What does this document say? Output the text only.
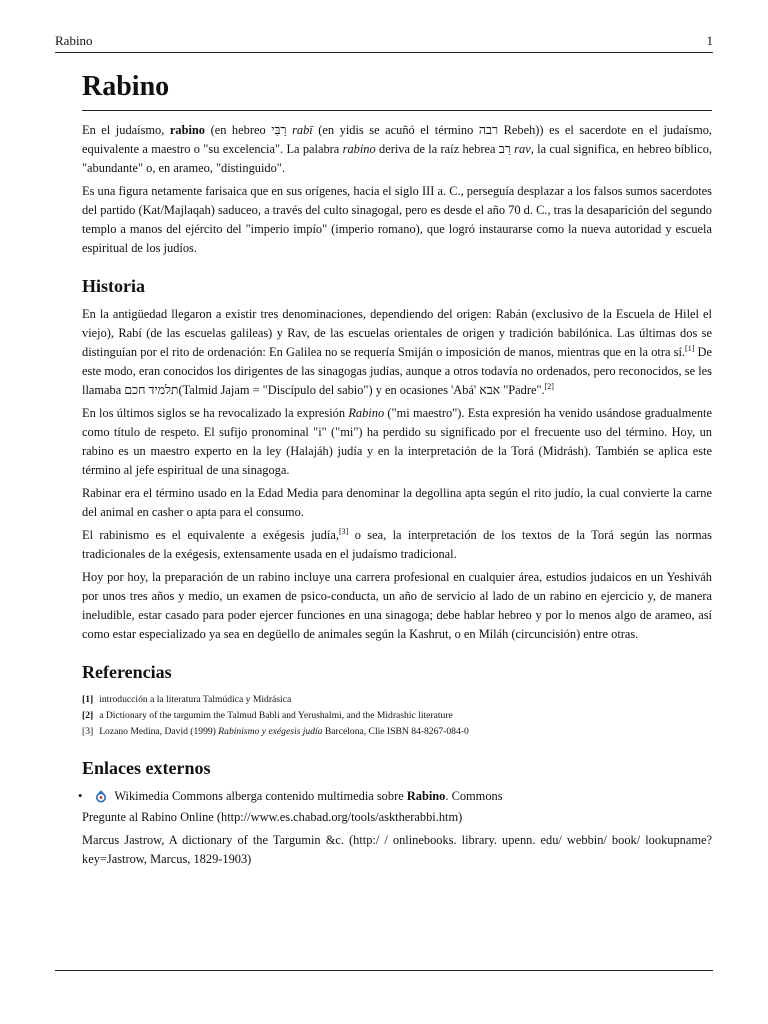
Rabino	1
Rabino

En el judaísmo, rabino (en hebreo רַבִּי rabī (en yidis se acuñó el término רבה Rebeh)) es el sacerdote en el judaísmo, equivalente a maestro o "su excelencia". La palabra rabino deriva de la raíz hebrea רַב rav, la cual significa, en hebreo bíblico, "abundante" o, en arameo, "distinguido".

Es una figura netamente farisaica que en sus orígenes, hacia el siglo III a. C., perseguía desplazar a los falsos sumos sacerdotes del partido (Kat/Majlaqah) saduceo, a través del culto sinagogal, pero es desde el año 70 d. C., tras la desaparición del segundo templo a manos del ejército del "imperio impío" (imperio romano), que logró instaurarse como la nueva autoridad y escuela espiritual de los judíos.

Historia

En la antigüedad llegaron a existir tres denominaciones, dependiendo del origen: Rabán (exclusivo de la Escuela de Hilel el viejo), Rabí (de las escuelas galileas) y Rav, de las escuelas orientales de origen y tradición babilónica. Las últimas dos se distinguían por el rito de ordenación: En Galilea no se requería Smiján o imposición de manos, mientras que en la otra sí.[1] De este modo, eran conocidos los dirigentes de las sinagogas judías, aunque a otros todavía no ordenados, pero reconocidos, se les llamaba תלמיד חכם(Talmid Jajam = "Discípulo del sabio") y en ocasiones 'Abá' אבא "Padre".[2]

En los últimos siglos se ha revocalizado la expresión Rabino ("mi maestro"). Esta expresión ha venido usándose gradualmente como título de respeto. El sufijo pronominal "i" ("mi") ha perdido su significado por el frecuente uso del término. Hoy, un rabino es un maestro experto en la ley (Halajáh) judía y en la interpretación de la Torá (Midrásh). También se aplica este término al jefe espiritual de una sinagoga.

Rabinar era el término usado en la Edad Media para denominar la degollina apta según el rito judío, la cual convierte la carne del animal en casher o apta para el consumo.

El rabinismo es el equivalente a exégesis judía,[3] o sea, la interpretación de los textos de la Torá según las normas tradicionales de la exégesis, extensamente usada en el judaísmo tradicional.

Hoy por hoy, la preparación de un rabino incluye una carrera profesional en cualquier área, estudios judaicos en un Yeshiváh por unos tres años y medio, un examen de psico-conducta, un año de servicio al lado de un rabino en ejercicio y, de manera ineludible, estar casado para poder ejercer funciones en una sinagoga; debe hablar hebreo y por lo menos algo de arameo, así como estar especializado ya sea en degüello de animales según la Kashrut, o en Miláh (circuncisión) entre otras.

Referencias
[1] introducción a la literatura Talmúdica y Midrásica
[2] a Dictionary of the targumim the Talmud Babli and Yerushalmi, and the Midrashic literature
[3] Lozano Medina, David (1999) Rabinismo y exégesis judía Barcelona, Clie ISBN 84-8267-084-0
Enlaces externos
•	Wikimedia Commons alberga contenido multimedia sobre Rabino. Commons

Pregunte al Rabino Online (http://www.es.chabad.org/tools/asktherabbi.htm)

Marcus Jastrow, A dictionary of the Targumin &c. (http:/ / onlinebooks. library. upenn. edu/ webbin/ book/ lookupname?key=Jastrow, Marcus, 1829-1903)
